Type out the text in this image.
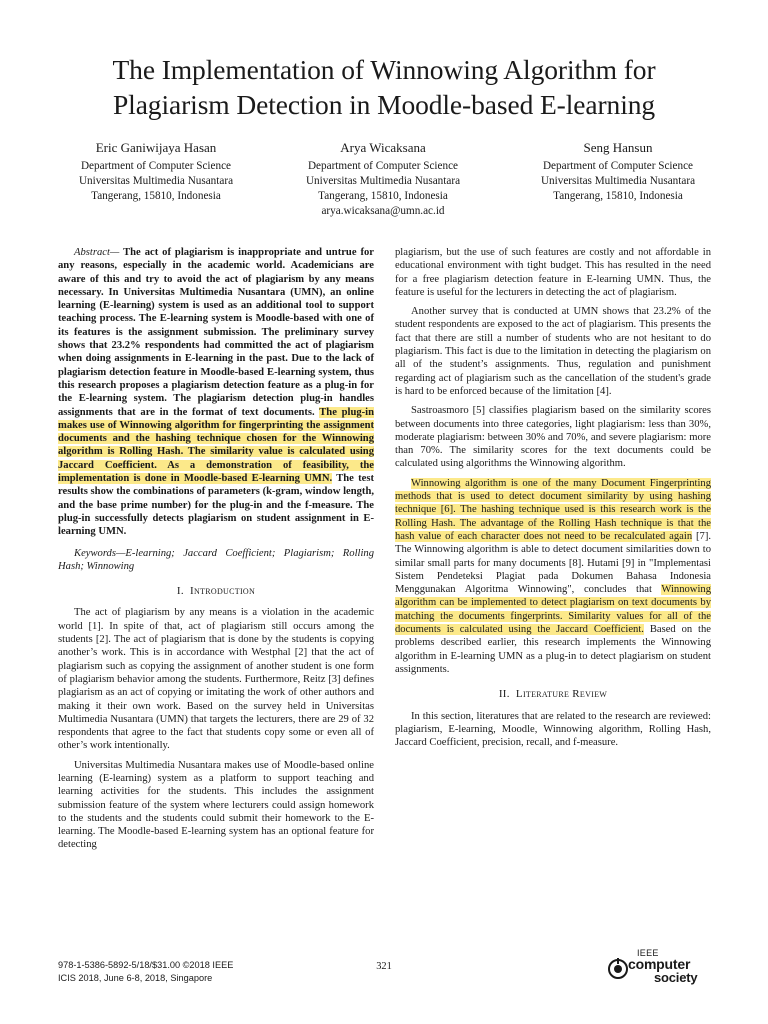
The Implementation of Winnowing Algorithm for
Plagiarism Detection in Moodle-based E-learning
Eric Ganiwijaya Hasan
Department of Computer Science
Universitas Multimedia Nusantara
Tangerang, 15810, Indonesia
Arya Wicaksana
Department of Computer Science
Universitas Multimedia Nusantara
Tangerang, 15810, Indonesia
arya.wicaksana@umn.ac.id
Seng Hansun
Department of Computer Science
Universitas Multimedia Nusantara
Tangerang, 15810, Indonesia

Abstract— The act of plagiarism is inappropriate and untrue for any reasons, especially in the academic world. Academicians are aware of this and try to avoid the act of plagiarism by any means necessary. In Universitas Multimedia Nusantara (UMN), an online learning (E-learning) system is used as an additional tool to support teaching process. The E-learning system is Moodle-based with one of its features is the assignment submission. The preliminary survey shows that 23.2% respondents had committed the act of plagiarism when doing assignments in E-learning in the past. Due to the lack of plagiarism detection feature in Moodle-based E-learning system, thus this research proposes a plagiarism detection feature as a plug-in for the E-learning system. The plagiarism detection plug-in handles assignments that are in the format of text documents. The plug-in makes use of Winnowing algorithm for fingerprinting the assignment documents and the hashing technique chosen for the Winnowing algorithm is Rolling Hash. The similarity value is calculated using Jaccard Coefficient. As a demonstration of feasibility, the implementation is done in Moodle-based E-learning UMN. The test results show the combinations of parameters (k-gram, window length, and the base prime number) for the plug-in and the f-measure. The plug-in successfully detects plagiarism on student assignment in E-learning UMN.

Keywords—E-learning; Jaccard Coefficient; Plagiarism; Rolling Hash; Winnowing

I. Introduction

The act of plagiarism by any means is a violation in the academic world [1]. In spite of that, act of plagiarism still occurs among the students [2]. The act of plagiarism that is done by the students is copying another’s work. This is in accordance with Westphal [2] that the act of plagiarism such as copying the assignment of another student is one form of plagiarism behavior among the students. Furthermore, Reitz [3] defines plagiarism as an act of copying or imitating the work of other authors and making it their own work. Based on the survey held in Universitas Multimedia Nusantara (UMN) that targets the lecturers, there are 29 of 32 respondents that agree to the fact that students copy some or even all of other’s work intentionally.

Universitas Multimedia Nusantara makes use of Moodle-based online learning (E-learning) system as a platform to support teaching and learning activities for the students. This includes the assignment submission feature of the system where lecturers could assign homework to the students and the students could submit their homework to the E-learning. The Moodle-based E-learning system has an optional feature for detecting

plagiarism, but the use of such features are costly and not affordable in educational environment with tight budget. This has resulted in the need for a free plagiarism detection feature in E-learning UMN. Thus, the feature is useful for the lecturers in detecting the act of plagiarism.

Another survey that is conducted at UMN shows that 23.2% of the student respondents are exposed to the act of plagiarism. This presents the fact that there are still a number of students who are not hesitant to do plagiarism. This fact is due to the limitation in detecting the plagiarism on all of the student’s assignments. Thus, regulation and punishment regarding act of plagiarism such as the cancellation of the student's grade is hard to be enforced because of the limitation [4].

Sastroasmoro [5] classifies plagiarism based on the similarity scores between documents into three categories, light plagiarism: less than 30%, moderate plagiarism: between 30% and 70%, and severe plagiarism: more than 70%. The similarity scores for the text documents could be calculated using algorithms the Winnowing algorithm.

Winnowing algorithm is one of the many Document Fingerprinting methods that is used to detect document similarity by using hashing technique [6]. The hashing technique used is this research work is the Rolling Hash. The advantage of the Rolling Hash technique is that the hash value of each character does not need to be recalculated again [7]. The Winnowing algorithm is able to detect document similarities down to similar small parts for many documents [8]. Hutami [9] in "Implementasi Sistem Pendeteksi Plagiat pada Dokumen Bahasa Indonesia Menggunakan Algoritma Winnowing", concludes that Winnowing algorithm can be implemented to detect plagiarism on text documents by matching the documents fingerprints. Similarity values for all of the documents is calculated using the Jaccard Coefficient. Based on the problems described earlier, this research implements the Winnowing algorithm in E-learning UMN as a plug-in to detect plagiarism on student assignments.

II. Literature Review

In this section, literatures that are related to the research are reviewed: plagiarism, E-learning, Moodle, Winnowing algorithm, Rolling Hash, Jaccard Coefficient, precision, recall, and f-measure.

978-1-5386-5892-5/18/$31.00 ©2018 IEEE
ICIS 2018, June 6-8, 2018, Singapore
321
IEEE
computer
society
